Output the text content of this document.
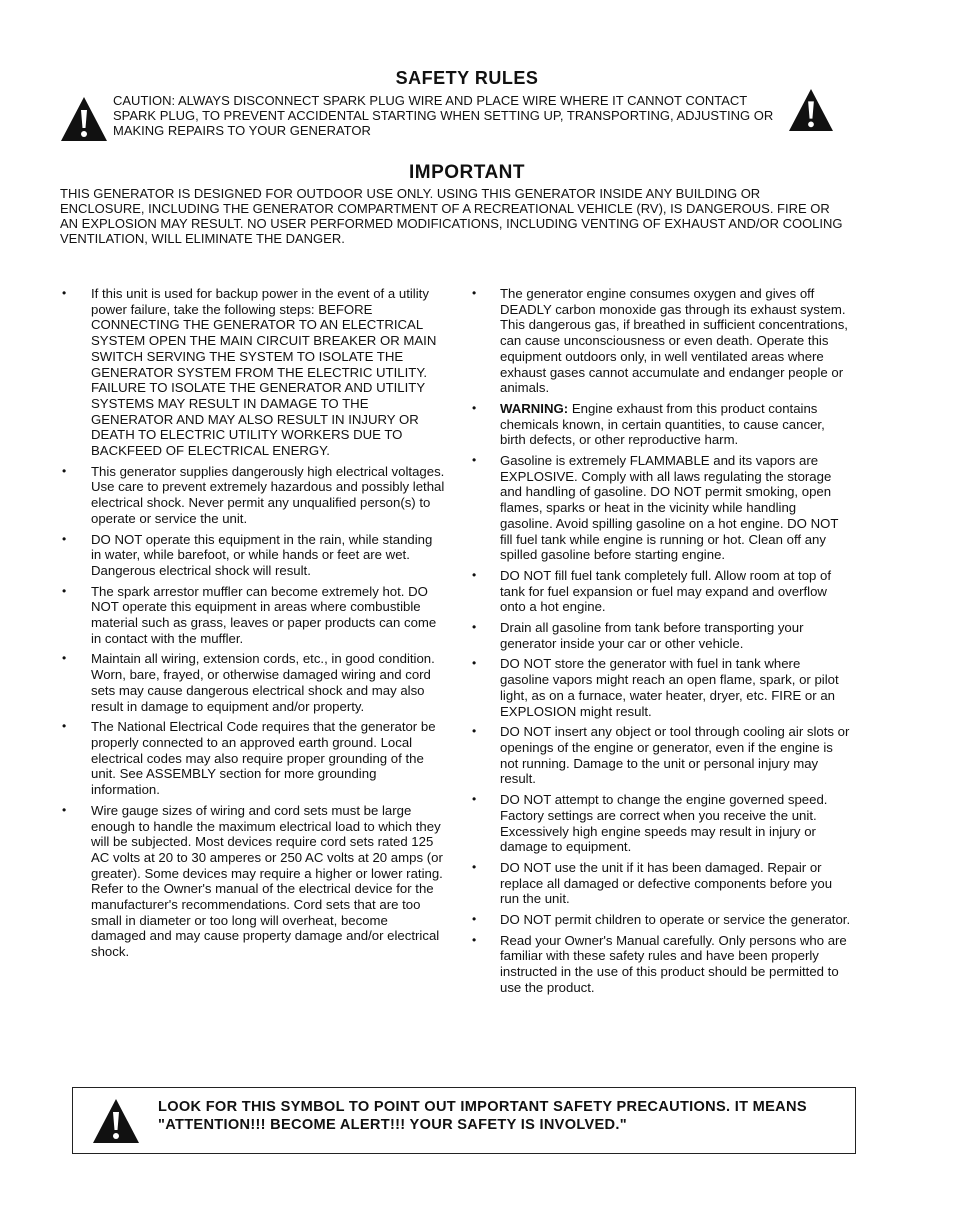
SAFETY RULES
CAUTION: ALWAYS DISCONNECT SPARK PLUG WIRE AND PLACE WIRE WHERE IT CANNOT CONTACT SPARK PLUG, TO PREVENT ACCIDENTAL STARTING WHEN SETTING UP, TRANSPORTING, ADJUSTING OR MAKING REPAIRS TO YOUR GENERATOR
IMPORTANT
THIS GENERATOR IS DESIGNED FOR OUTDOOR USE ONLY. USING THIS GENERATOR INSIDE ANY BUILDING OR ENCLOSURE, INCLUDING THE GENERATOR COMPARTMENT OF A RECREATIONAL VEHICLE (RV), IS DANGEROUS. FIRE OR AN EXPLOSION MAY RESULT. NO USER PERFORMED MODIFICATIONS, INCLUDING VENTING OF EXHAUST AND/OR COOLING VENTILATION, WILL ELIMINATE THE DANGER.
• If this unit is used for backup power in the event of a utility power failure, take the following steps: BEFORE CONNECTING THE GENERATOR TO AN ELECTRICAL SYSTEM OPEN THE MAIN CIRCUIT BREAKER OR MAIN SWITCH SERVING THE SYSTEM TO ISOLATE THE GENERATOR SYSTEM FROM THE ELECTRIC UTILITY. FAILURE TO ISOLATE THE GENERATOR AND UTILITY SYSTEMS MAY RESULT IN DAMAGE TO THE GENERATOR AND MAY ALSO RESULT IN INJURY OR DEATH TO ELECTRIC UTILITY WORKERS DUE TO BACKFEED OF ELECTRICAL ENERGY.
• This generator supplies dangerously high electrical voltages. Use care to prevent extremely hazardous and possibly lethal electrical shock. Never permit any unqualified person(s) to operate or service the unit.
• DO NOT operate this equipment in the rain, while standing in water, while barefoot, or while hands or feet are wet. Dangerous electrical shock will result.
• The spark arrestor muffler can become extremely hot. DO NOT operate this equipment in areas where combustible material such as grass, leaves or paper products can come in contact with the muffler.
• Maintain all wiring, extension cords, etc., in good condition. Worn, bare, frayed, or otherwise damaged wiring and cord sets may cause dangerous electrical shock and may also result in damage to equipment and/or property.
• The National Electrical Code requires that the generator be properly connected to an approved earth ground. Local electrical codes may also require proper grounding of the unit. See ASSEMBLY section for more grounding information.
• Wire gauge sizes of wiring and cord sets must be large enough to handle the maximum electrical load to which they will be subjected. Most devices require cord sets rated 125 AC volts at 20 to 30 amperes or 250 AC volts at 20 amps (or greater). Some devices may require a higher or lower rating. Refer to the Owner's manual of the electrical device for the manufacturer's recommendations. Cord sets that are too small in diameter or too long will overheat, become damaged and may cause property damage and/or electrical shock.
• The generator engine consumes oxygen and gives off DEADLY carbon monoxide gas through its exhaust system. This dangerous gas, if breathed in sufficient concentrations, can cause unconsciousness or even death. Operate this equipment outdoors only, in well ventilated areas where exhaust gases cannot accumulate and endanger people or animals.
• WARNING: Engine exhaust from this product contains chemicals known, in certain quantities, to cause cancer, birth defects, or other reproductive harm.
• Gasoline is extremely FLAMMABLE and its vapors are EXPLOSIVE. Comply with all laws regulating the storage and handling of gasoline. DO NOT permit smoking, open flames, sparks or heat in the vicinity while handling gasoline. Avoid spilling gasoline on a hot engine. DO NOT fill fuel tank while engine is running or hot. Clean off any spilled gasoline before starting engine.
• DO NOT fill fuel tank completely full. Allow room at top of tank for fuel expansion or fuel may expand and overflow onto a hot engine.
• Drain all gasoline from tank before transporting your generator inside your car or other vehicle.
• DO NOT store the generator with fuel in tank where gasoline vapors might reach an open flame, spark, or pilot light, as on a furnace, water heater, dryer, etc. FIRE or an EXPLOSION might result.
• DO NOT insert any object or tool through cooling air slots or openings of the engine or generator, even if the engine is not running. Damage to the unit or personal injury may result.
• DO NOT attempt to change the engine governed speed. Factory settings are correct when you receive the unit. Excessively high engine speeds may result in injury or damage to equipment.
• DO NOT use the unit if it has been damaged. Repair or replace all damaged or defective components before you run the unit.
• DO NOT permit children to operate or service the generator.
• Read your Owner's Manual carefully. Only persons who are familiar with these safety rules and have been properly instructed in the use of this product should be permitted to use the product.
LOOK FOR THIS SYMBOL TO POINT OUT IMPORTANT SAFETY PRECAUTIONS. IT MEANS "ATTENTION!!! BECOME ALERT!!! YOUR SAFETY IS INVOLVED."
